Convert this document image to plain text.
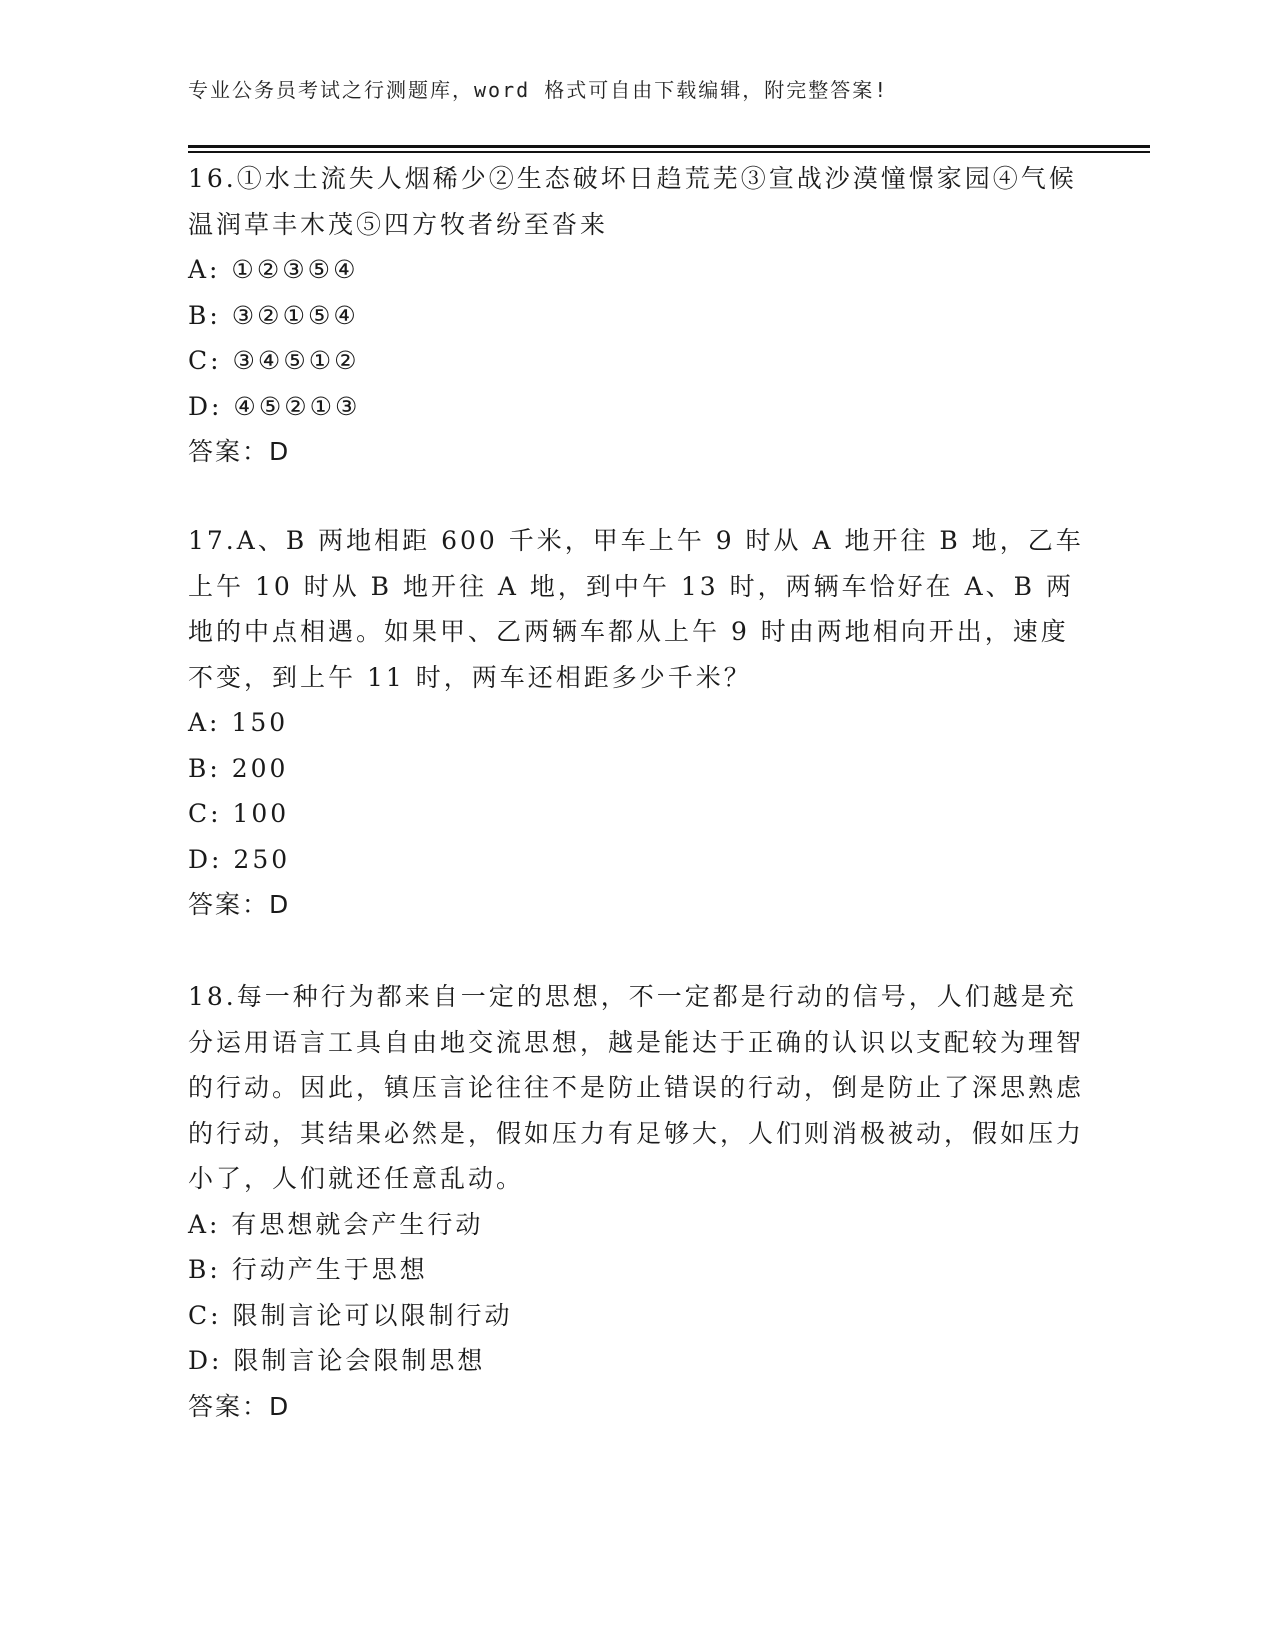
专业公务员考试之行测题库，word 格式可自由下载编辑，附完整答案!

16.①水土流失人烟稀少②生态破坏日趋荒芜③宣战沙漠憧憬家园④气候温润草丰木茂⑤四方牧者纷至沓来

A: ①②③⑤④

B: ③②①⑤④

C: ③④⑤①②

D: ④⑤②①③

答案：D

17.A、B 两地相距 600 千米，甲车上午 9 时从 A 地开往 B 地，乙车上午 10 时从 B 地开往 A 地，到中午 13 时，两辆车恰好在 A、B 两地的中点相遇。如果甲、乙两辆车都从上午 9 时由两地相向开出，速度不变，到上午 11 时，两车还相距多少千米？

A: 150

B: 200

C: 100

D: 250

答案：D

18.每一种行为都来自一定的思想，不一定都是行动的信号，人们越是充分运用语言工具自由地交流思想，越是能达于正确的认识以支配较为理智的行动。因此，镇压言论往往不是防止错误的行动，倒是防止了深思熟虑的行动，其结果必然是，假如压力有足够大，人们则消极被动，假如压力小了，人们就还任意乱动。

A: 有思想就会产生行动

B: 行动产生于思想

C: 限制言论可以限制行动

D: 限制言论会限制思想

答案：D
